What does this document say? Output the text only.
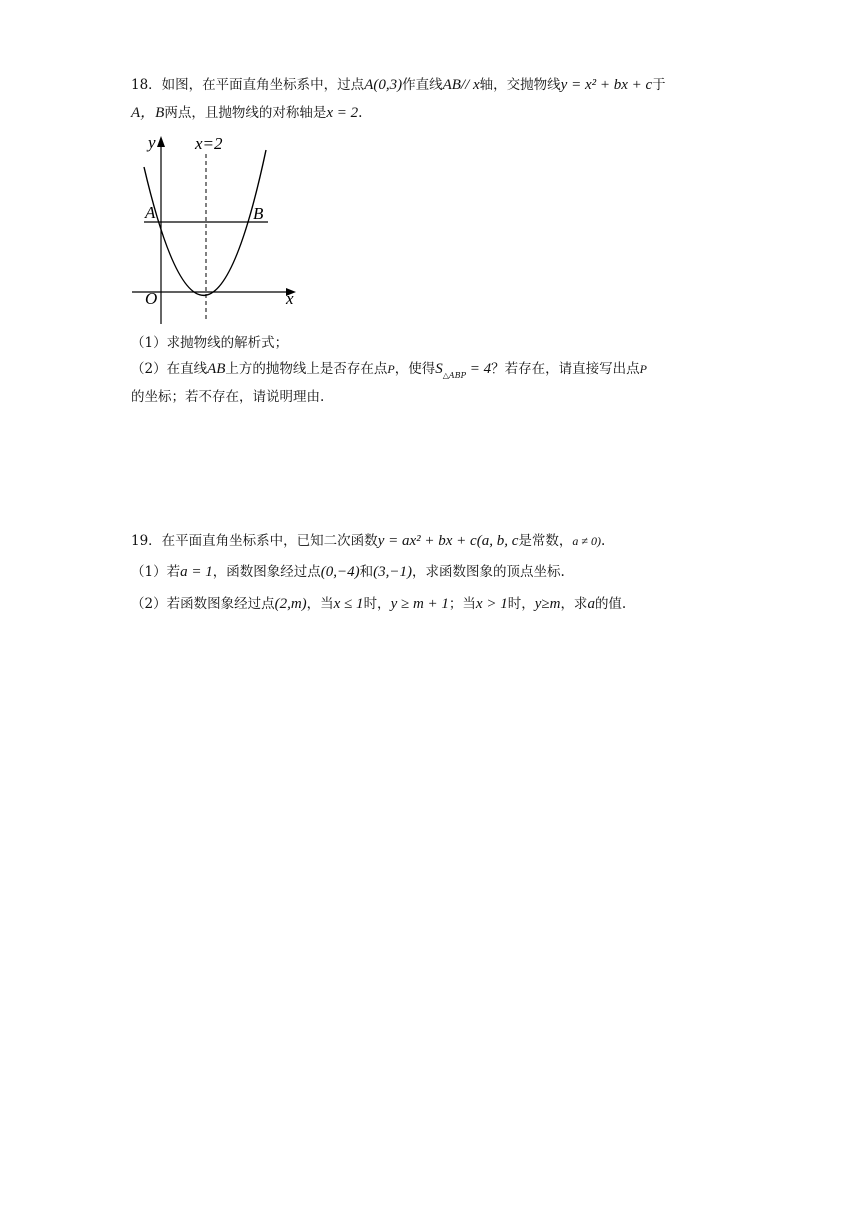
18．如图，在平面直角坐标系中，过点A(0,3)作直线AB// x轴，交抛物线y = x² + bx + c于
A，B两点，且抛物线的对称轴是x = 2.
y
x
O
A	B
x=2
（1）求抛物线的解析式；
（2）在直线AB上方的抛物线上是否存在点P，使得$S_{\triangle ABP} = 4$？若存在，请直接写出点P
的坐标；若不存在，请说明理由.
19．在平面直角坐标系中，已知二次函数y = ax² + bx + c(a, b, c是常数，a ≠ 0).
（1）若a = 1，函数图象经过点(0,−4)和(3,−1)，求函数图象的顶点坐标.
（2）若函数图象经过点(2,m)，当x ≤ 1时，y ≥ m + 1；当x > 1时，y≥m，求a的值.
